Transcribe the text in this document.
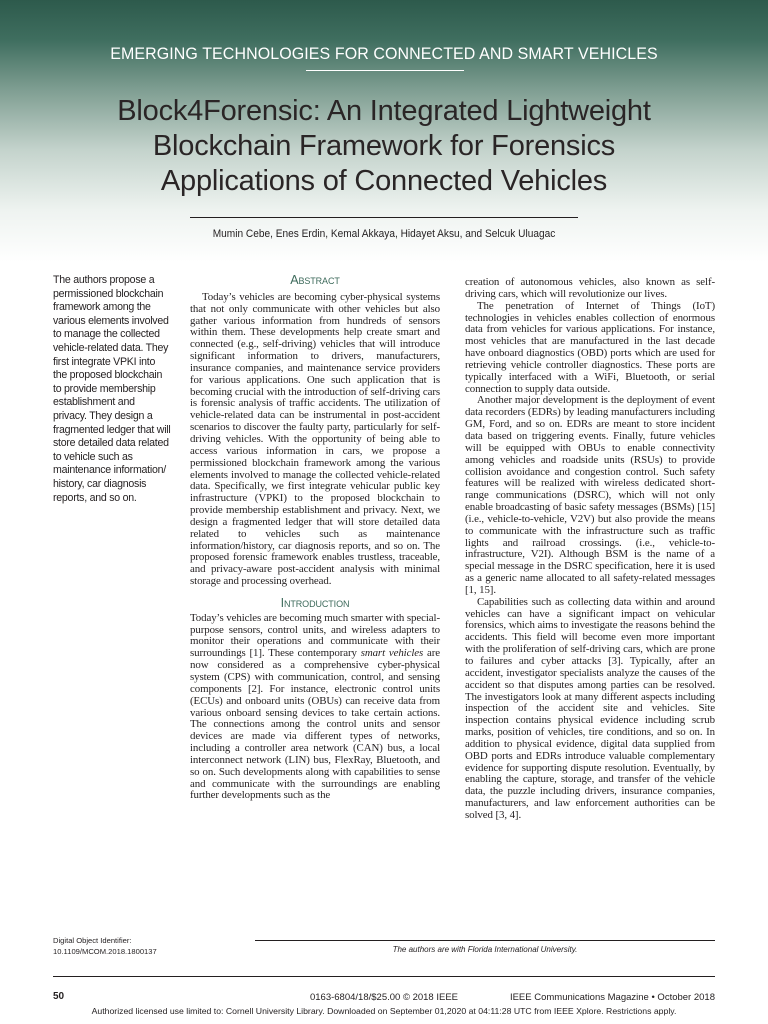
EMERGING TECHNOLOGIES FOR CONNECTED AND SMART VEHICLES
Block4Forensic: An Integrated Lightweight
Blockchain Framework for Forensics
Applications of Connected Vehicles
Mumin Cebe, Enes Erdin, Kemal Akkaya, Hidayet Aksu, and Selcuk Uluagac
The authors propose a permissioned blockchain framework among the various elements involved to manage the collected vehicle-related data. They first integrate VPKI into the proposed blockchain to provide membership establishment and privacy. They design a fragmented ledger that will store detailed data related to vehicle such as maintenance information/ history, car diagnosis reports, and so on.
Abstract

Today’s vehicles are becoming cyber-physical systems that not only communicate with other vehicles but also gather various information from hundreds of sensors within them. These developments help create smart and connected (e.g., self-driving) vehicles that will introduce significant information to drivers, manufacturers, insurance companies, and maintenance service providers for various applications. One such application that is becoming crucial with the introduction of self-driving cars is forensic analysis of traffic accidents. The utilization of vehicle-related data can be instrumental in post-accident scenarios to discover the faulty party, particularly for self-driving vehicles. With the opportunity of being able to access various information in cars, we propose a permissioned blockchain framework among the various elements involved to manage the collected vehicle-related data. Specifically, we first integrate vehicular public key infrastructure (VPKI) to the proposed blockchain to provide membership establishment and privacy. Next, we design a fragmented ledger that will store detailed data related to vehicles such as maintenance information/history, car diagnosis reports, and so on. The proposed forensic framework enables trustless, traceable, and privacy-aware post-accident analysis with minimal storage and processing overhead.

Introduction

Today’s vehicles are becoming much smarter with special-purpose sensors, control units, and wireless adapters to monitor their operations and communicate with their surroundings [1]. These contemporary smart vehicles are now considered as a comprehensive cyber-physical system (CPS) with communication, control, and sensing components [2]. For instance, electronic control units (ECUs) and onboard units (OBUs) can receive data from various onboard sensing devices to take certain actions. The connections among the control units and sensor devices are made via different types of networks, including a controller area network (CAN) bus, a local interconnect network (LIN) bus, FlexRay, Bluetooth, and so on. Such developments along with capabilities to sense and communicate with the surroundings are enabling further developments such as the

creation of autonomous vehicles, also known as self-driving cars, which will revolutionize our lives.

The penetration of Internet of Things (IoT) technologies in vehicles enables collection of enormous data from vehicles for various applications. For instance, most vehicles that are manufactured in the last decade have onboard diagnostics (OBD) ports which are used for retrieving vehicle controller diagnostics. These ports are typically interfaced with a WiFi, Bluetooth, or serial connection to supply data outside.

Another major development is the deployment of event data recorders (EDRs) by leading manufacturers including GM, Ford, and so on. EDRs are meant to store incident data based on triggering events. Finally, future vehicles will be equipped with OBUs to enable connectivity among vehicles and roadside units (RSUs) to provide collision avoidance and congestion control. Such safety features will be realized with wireless dedicated short-range communications (DSRC), which will not only enable broadcasting of basic safety messages (BSMs) [15] (i.e., vehicle-to-vehicle, V2V) but also provide the means to communicate with the infrastructure such as traffic lights and railroad crossings. (i.e., vehicle-to-infrastructure, V2I). Although BSM is the name of a special message in the DSRC specification, here it is used as a generic name allocated to all safety-related messages [1, 15].

Capabilities such as collecting data within and around vehicles can have a significant impact on vehicular forensics, which aims to investigate the reasons behind the accidents. This field will become even more important with the proliferation of self-driving cars, which are prone to failures and cyber attacks [3]. Typically, after an accident, investigator specialists analyze the causes of the accident so that disputes among parties can be resolved. The investigators look at many different aspects including inspection of the accident site and vehicles. Site inspection contains physical evidence including scrub marks, position of vehicles, tire conditions, and so on. In addition to physical evidence, digital data supplied from OBD ports and EDRs introduce valuable complementary evidence for supporting dispute resolution. Eventually, by enabling the capture, storage, and transfer of the vehicle data, the puzzle including drivers, insurance companies, manufacturers, and law enforcement authorities can be solved [3, 4].

Digital Object Identifier:
10.1109/MCOM.2018.1800137	The authors are with Florida International University.
50	0163-6804/18/$25.00 © 2018 IEEE	IEEE Communications Magazine • October 2018
Authorized licensed use limited to: Cornell University Library. Downloaded on September 01,2020 at 04:11:28 UTC from IEEE Xplore. Restrictions apply.
